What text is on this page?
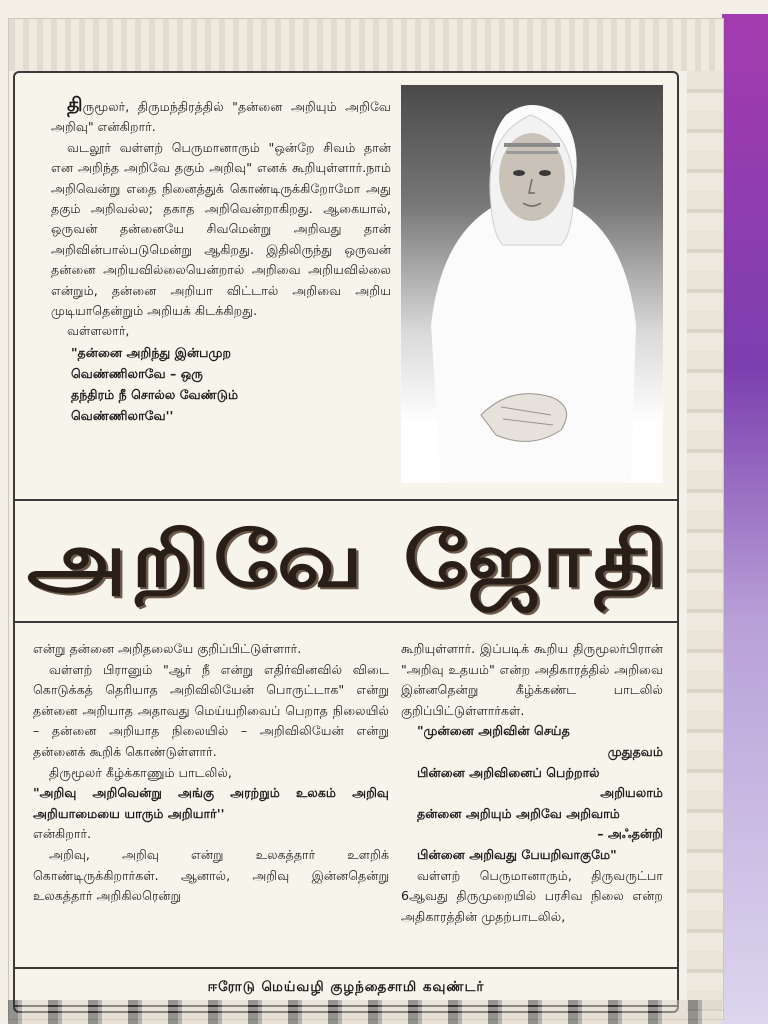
திருமூலர், திருமந்திரத்தில் "தன்னை அறியும் அறிவே அறிவு" என்கிறார்.

வடலூர் வள்ளற் பெருமானாரும் "ஒன்றே சிவம் தான் என அறிந்த அறிவே தகும் அறிவு" எனக் கூறியுள்ளார்.நாம் அறிவென்று எதை நினைத்துக் கொண்டிருக்கிறோமோ அது தகும் அறிவல்ல; தகாத அறிவென்றாகிறது. ஆகையால், ஒருவன் தன்னையே சிவமென்று அறிவது தான் அறிவின்பால்படுமென்று ஆகிறது. இதிலிருந்து ஒருவன் தன்னை அறியவில்லையென்றால் அறிவை அறியவில்லை என்றும், தன்னை அறியா விட்டால் அறிவை அறிய முடியாதென்றும் அறியக் கிடக்கிறது.

வள்ளலார்,

"தன்னை அறிந்து இன்பமுற

வெண்ணிலாவே – ஒரு

தந்திரம் நீ சொல்ல வேண்டும்

வெண்ணிலாவே''

அறிவே ஜோதி

என்று தன்னை அறிதலையே குறிப்பிட்டுள்ளார்.

வள்ளற் பிரானும் "ஆர் நீ என்று எதிர்வினவில் விடை கொடுக்கத் தெரியாத அறிவிலியேன் பொருட்டாக" என்று தன்னை அறியாத அதாவது மெய்யறிவைப் பெறாத நிலையில் – தன்னை அறியாத நிலையில் – அறிவிலியேன் என்று தன்னைக் கூறிக் கொண்டுள்ளார்.

திருமூலர் கீழ்க்காணும் பாடலில்,

"அறிவு அறிவென்று அங்கு அரற்றும் உலகம் அறிவு அறியாமையை யாரும் அறியார்''

என்கிறார்.

அறிவு, அறிவு என்று உலகத்தார் உளறிக் கொண்டிருக்கிறார்கள். ஆனால், அறிவு இன்னதென்று உலகத்தார் அறிகிலரென்று

கூறியுள்ளார். இப்படிக் கூறிய திருமூலர்பிரான் "அறிவு உதயம்" என்ற அதிகாரத்தில் அறிவை இன்னதென்று கீழ்க்கண்ட பாடலில் குறிப்பிட்டுள்ளார்கள்.

"முன்னை அறிவின் செய்த

முதுதவம்

பின்னை அறிவினைப் பெற்றால்

அறியலாம்

தன்னை அறியும் அறிவே அறிவாம்

– அஃதன்றி

பின்னை அறிவது பேயறிவாகுமே"

வள்ளற் பெருமானாரும், திருவருட்பா 6ஆவது திருமுறையில் பரசிவ நிலை என்ற அதிகாரத்தின் முதற்பாடலில்,

ஈரோடு மெய்வழி குழந்தைசாமி கவுண்டர்
